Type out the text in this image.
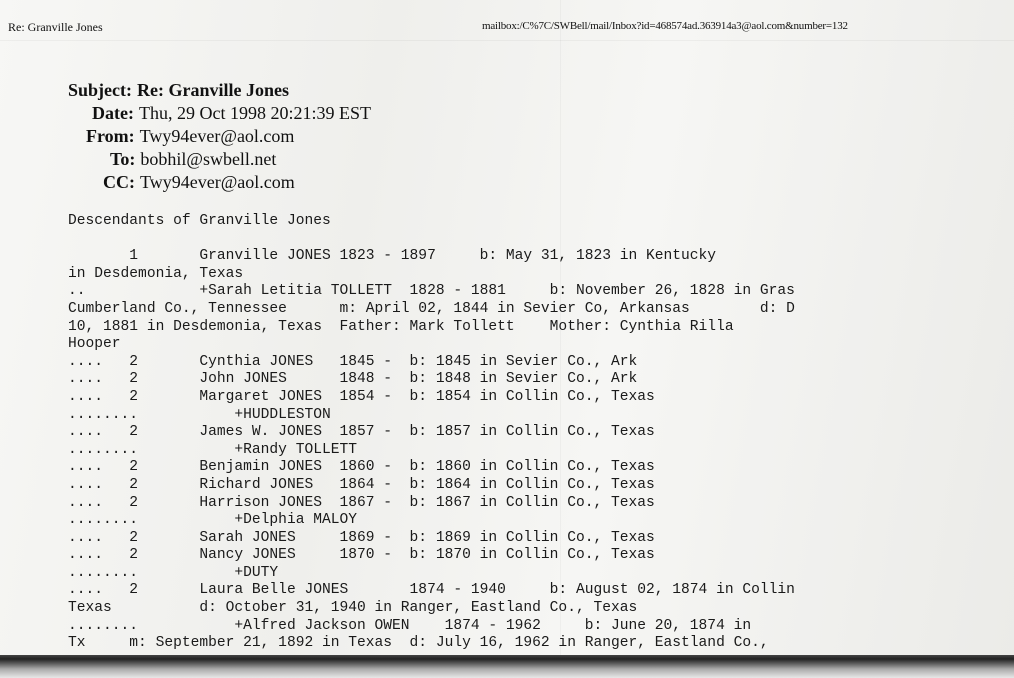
Re: Granville Jones	mailbox:/C%7C/SWBell/mail/Inbox?id=468574ad.363914a3@aol.com&number=132
Subject: Re: Granville Jones
Date: Thu, 29 Oct 1998 20:21:39 EST
From: Twy94ever@aol.com
To: bobhil@swbell.net
CC: Twy94ever@aol.com
Descendants of Granville Jones
1       Granville JONES 1823 - 1897     b: May 31, 1823 in Kentucky
in Desdemonia, Texas
..             +Sarah Letitia TOLLETT  1828 - 1881     b: November 26, 1828 in Gras
Cumberland Co., Tennessee      m: April 02, 1844 in Sevier Co, Arkansas        d: D
10, 1881 in Desdemonia, Texas  Father: Mark Tollett    Mother: Cynthia Rilla
Hooper
....   2       Cynthia JONES   1845 -  b: 1845 in Sevier Co., Ark
....   2       John JONES      1848 -  b: 1848 in Sevier Co., Ark
....   2       Margaret JONES  1854 -  b: 1854 in Collin Co., Texas
........           +HUDDLESTON
....   2       James W. JONES  1857 -  b: 1857 in Collin Co., Texas
........           +Randy TOLLETT
....   2       Benjamin JONES  1860 -  b: 1860 in Collin Co., Texas
....   2       Richard JONES   1864 -  b: 1864 in Collin Co., Texas
....   2       Harrison JONES  1867 -  b: 1867 in Collin Co., Texas
........           +Delphia MALOY
....   2       Sarah JONES     1869 -  b: 1869 in Collin Co., Texas
....   2       Nancy JONES     1870 -  b: 1870 in Collin Co., Texas
........           +DUTY
....   2       Laura Belle JONES       1874 - 1940     b: August 02, 1874 in Collin
Texas          d: October 31, 1940 in Ranger, Eastland Co., Texas
........           +Alfred Jackson OWEN    1874 - 1962     b: June 20, 1874 in
Tx     m: September 21, 1892 in Texas  d: July 16, 1962 in Ranger, Eastland Co.,
